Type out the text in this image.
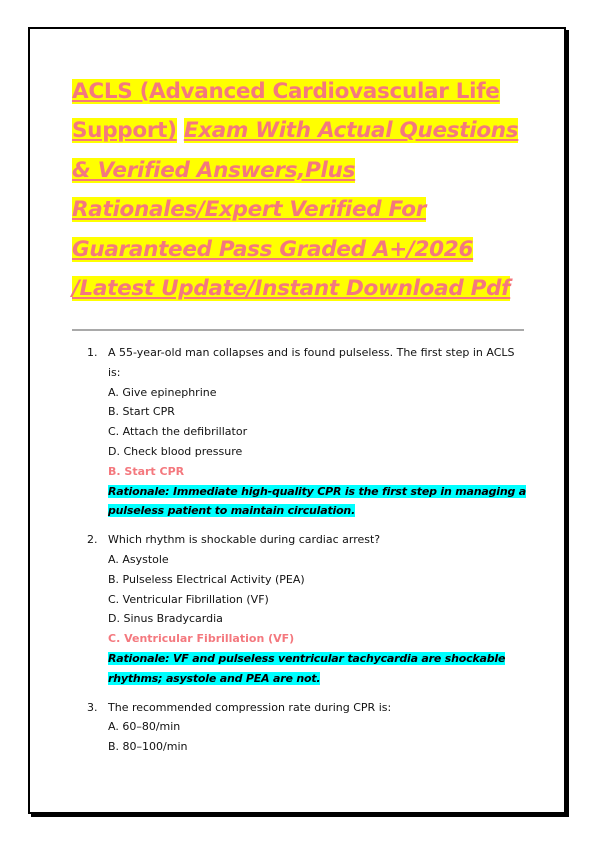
ACLS (Advanced Cardiovascular Life Support) Exam With Actual Questions & Verified Answers,Plus Rationales/Expert Verified For Guaranteed Pass Graded A+/2026 /Latest Update/Instant Download Pdf
1. A 55-year-old man collapses and is found pulseless. The first step in ACLS is:
A. Give epinephrine
B. Start CPR
C. Attach the defibrillator
D. Check blood pressure
B. Start CPR
Rationale: Immediate high-quality CPR is the first step in managing a pulseless patient to maintain circulation.
2. Which rhythm is shockable during cardiac arrest?
A. Asystole
B. Pulseless Electrical Activity (PEA)
C. Ventricular Fibrillation (VF)
D. Sinus Bradycardia
C. Ventricular Fibrillation (VF)
Rationale: VF and pulseless ventricular tachycardia are shockable rhythms; asystole and PEA are not.
3. The recommended compression rate during CPR is:
A. 60–80/min
B. 80–100/min
